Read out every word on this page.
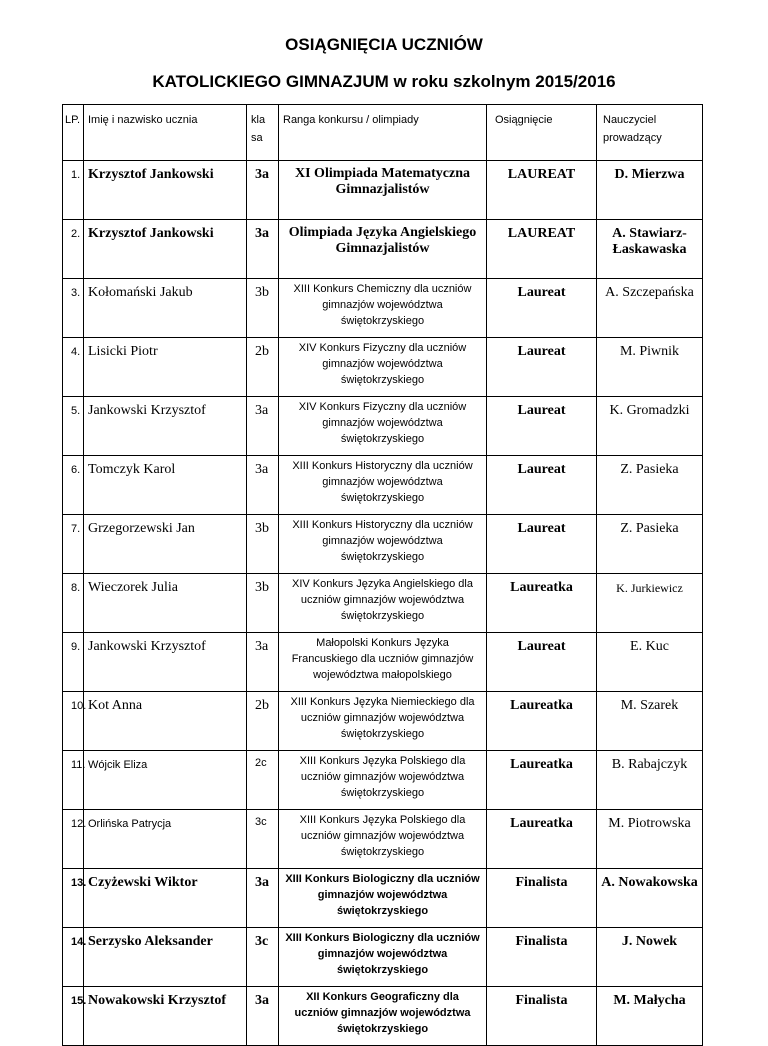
OSIĄGNIĘCIA UCZNIÓW
KATOLICKIEGO GIMNAZJUM w roku szkolnym 2015/2016
LP.	Imię i nazwisko ucznia	kla sa	Ranga konkursu / olimpiady	Osiągnięcie	Nauczyciel prowadzący
1.	Krzysztof Jankowski	3a	XI Olimpiada Matematyczna Gimnazjalistów	LAUREAT	D. Mierzwa
2.	Krzysztof Jankowski	3a	Olimpiada Języka Angielskiego Gimnazjalistów	LAUREAT	A. Stawiarz-Łaskawaska
3.	Kołomański Jakub	3b	XIII Konkurs Chemiczny dla uczniów gimnazjów województwa świętokrzyskiego	Laureat	A. Szczepańska
4.	Lisicki Piotr	2b	XIV Konkurs Fizyczny dla uczniów gimnazjów województwa świętokrzyskiego	Laureat	M. Piwnik
5.	Jankowski Krzysztof	3a	XIV Konkurs Fizyczny dla uczniów gimnazjów województwa świętokrzyskiego	Laureat	K. Gromadzki
6.	Tomczyk Karol	3a	XIII Konkurs Historyczny dla uczniów gimnazjów województwa świętokrzyskiego	Laureat	Z. Pasieka
7.	Grzegorzewski Jan	3b	XIII Konkurs Historyczny dla uczniów gimnazjów województwa świętokrzyskiego	Laureat	Z. Pasieka
8.	Wieczorek Julia	3b	XIV Konkurs Języka Angielskiego dla uczniów gimnazjów województwa świętokrzyskiego	Laureatka	K. Jurkiewicz
9.	Jankowski Krzysztof	3a	Małopolski Konkurs Języka Francuskiego dla uczniów gimnazjów województwa małopolskiego	Laureat	E. Kuc
10.	Kot Anna	2b	XIII Konkurs Języka Niemieckiego dla uczniów gimnazjów województwa świętokrzyskiego	Laureatka	M. Szarek
11.	Wójcik Eliza	2c	XIII Konkurs Języka Polskiego dla uczniów gimnazjów województwa świętokrzyskiego	Laureatka	B. Rabajczyk
12.	Orlińska Patrycja	3c	XIII Konkurs Języka Polskiego dla uczniów gimnazjów województwa świętokrzyskiego	Laureatka	M. Piotrowska
13.	Czyżewski Wiktor	3a	XIII Konkurs Biologiczny dla uczniów gimnazjów województwa świętokrzyskiego	Finalista	A. Nowakowska
14.	Serzysko Aleksander	3c	XIII Konkurs Biologiczny dla uczniów gimnazjów województwa świętokrzyskiego	Finalista	J. Nowek
15.	Nowakowski Krzysztof	3a	XII Konkurs Geograficzny dla uczniów gimnazjów województwa świętokrzyskiego	Finalista	M. Małycha
